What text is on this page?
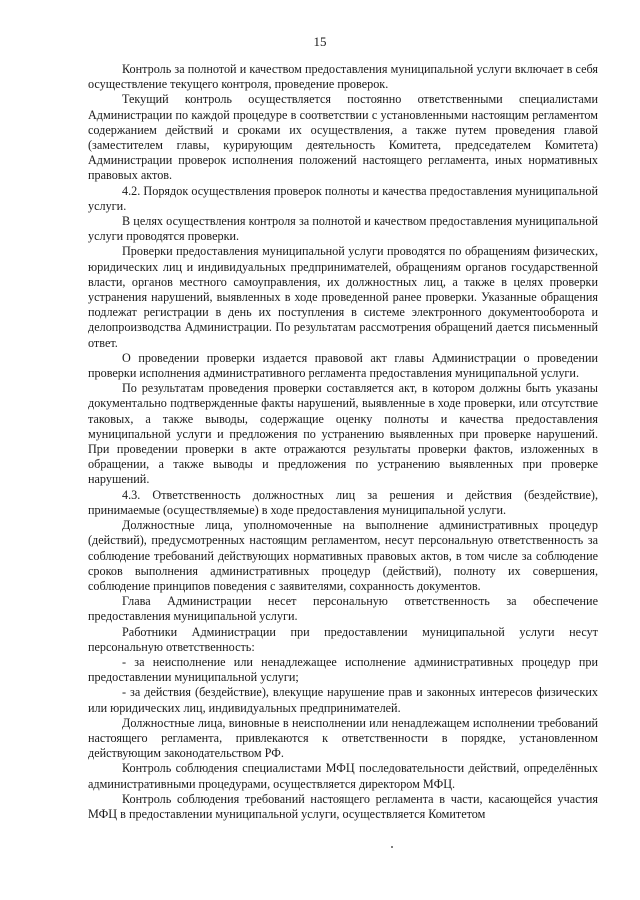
15

Контроль за полнотой и качеством предоставления муниципальной услуги включает в себя осуществление текущего контроля, проведение проверок.

Текущий контроль осуществляется постоянно ответственными специалистами Администрации по каждой процедуре в соответствии с установленными настоящим регламентом содержанием действий и сроками их осуществления, а также путем проведения главой (заместителем главы, курирующим деятельность Комитета, председателем Комитета) Администрации проверок исполнения положений настоящего регламента, иных нормативных правовых актов.

4.2. Порядок осуществления проверок полноты и качества предоставления муниципальной услуги.

В целях осуществления контроля за полнотой и качеством предоставления муниципальной услуги проводятся проверки.

Проверки предоставления муниципальной услуги проводятся по обращениям физических, юридических лиц и индивидуальных предпринимателей, обращениям органов государственной власти, органов местного самоуправления, их должностных лиц, а также в целях проверки устранения нарушений, выявленных в ходе проведенной ранее проверки. Указанные обращения подлежат регистрации в день их поступления в системе электронного документооборота и делопроизводства Администрации. По результатам рассмотрения обращений дается письменный ответ.

О проведении проверки издается правовой акт главы Администрации о проведении проверки исполнения административного регламента предоставления муниципальной услуги.

По результатам проведения проверки составляется акт, в котором должны быть указаны документально подтвержденные факты нарушений, выявленные в ходе проверки, или отсутствие таковых, а также выводы, содержащие оценку полноты и качества предоставления муниципальной услуги и предложения по устранению выявленных при проверке нарушений. При проведении проверки в акте отражаются результаты проверки фактов, изложенных в обращении, а также выводы и предложения по устранению выявленных при проверке нарушений.

4.3. Ответственность должностных лиц за решения и действия (бездействие), принимаемые (осуществляемые) в ходе предоставления муниципальной услуги.

Должностные лица, уполномоченные на выполнение административных процедур (действий), предусмотренных настоящим регламентом, несут персональную ответственность за соблюдение требований действующих нормативных правовых актов, в том числе за соблюдение сроков выполнения административных процедур (действий), полноту их совершения, соблюдение принципов поведения с заявителями, сохранность документов.

Глава Администрации несет персональную ответственность за обеспечение предоставления муниципальной услуги.

Работники Администрации при предоставлении муниципальной услуги несут персональную ответственность:

- за неисполнение или ненадлежащее исполнение административных процедур при предоставлении муниципальной услуги;

- за действия (бездействие), влекущие нарушение прав и законных интересов физических или юридических лиц, индивидуальных предпринимателей.

Должностные лица, виновные в неисполнении или ненадлежащем исполнении требований настоящего регламента, привлекаются к ответственности в порядке, установленном действующим законодательством РФ.

Контроль соблюдения специалистами МФЦ последовательности действий, определённых административными процедурами, осуществляется директором МФЦ.

Контроль соблюдения требований настоящего регламента в части, касающейся участия МФЦ в предоставлении муниципальной услуги, осуществляется Комитетом
